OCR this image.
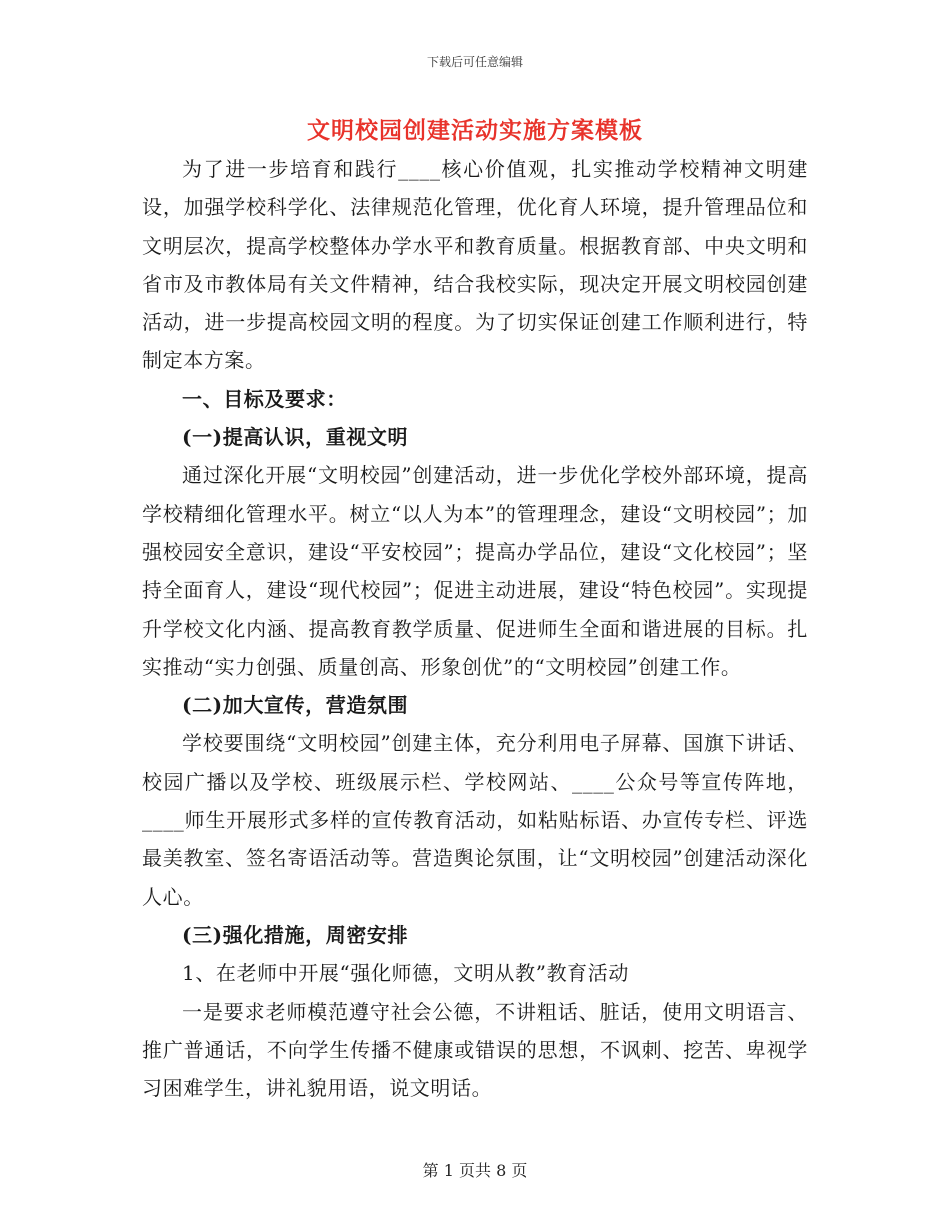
下载后可任意编辑
文明校园创建活动实施方案模板

为了进一步培育和践行____核心价值观，扎实推动学校精神文明建设，加强学校科学化、法律规范化管理，优化育人环境，提升管理品位和文明层次，提高学校整体办学水平和教育质量。根据教育部、中央文明和省市及市教体局有关文件精神，结合我校实际，现决定开展文明校园创建活动，进一步提高校园文明的程度。为了切实保证创建工作顺利进行，特制定本方案。

一、目标及要求：
(一)提高认识，重视文明

通过深化开展“文明校园”创建活动，进一步优化学校外部环境，提高学校精细化管理水平。树立“以人为本”的管理理念，建设“文明校园”；加强校园安全意识，建设“平安校园”；提高办学品位，建设“文化校园”；坚持全面育人，建设“现代校园”；促进主动进展，建设“特色校园”。实现提升学校文化内涵、提高教育教学质量、促进师生全面和谐进展的目标。扎实推动“实力创强、质量创高、形象创优”的“文明校园”创建工作。

(二)加大宣传，营造氛围

学校要围绕“文明校园”创建主体，充分利用电子屏幕、国旗下讲话、校园广播以及学校、班级展示栏、学校网站、____公众号等宣传阵地，____师生开展形式多样的宣传教育活动，如粘贴标语、办宣传专栏、评选最美教室、签名寄语活动等。营造舆论氛围，让“文明校园”创建活动深化人心。

(三)强化措施，周密安排

1、在老师中开展“强化师德，文明从教”教育活动

一是要求老师模范遵守社会公德，不讲粗话、脏话，使用文明语言、推广普通话，不向学生传播不健康或错误的思想，不讽刺、挖苦、卑视学习困难学生，讲礼貌用语，说文明话。

第 1 页共 8 页
